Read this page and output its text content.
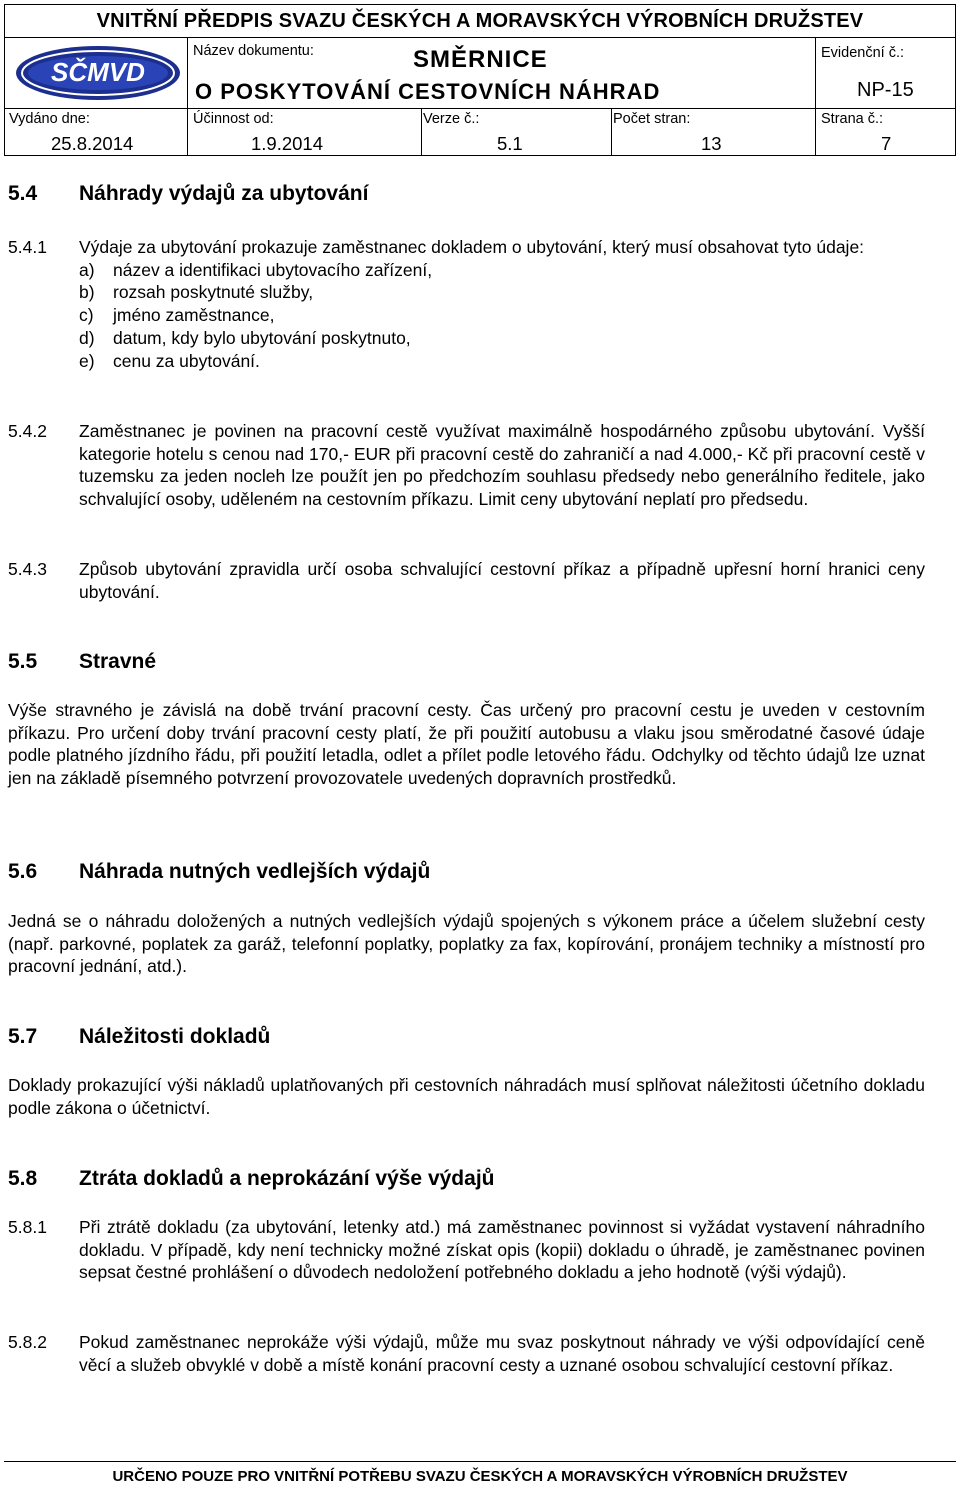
VNITŘNÍ PŘEDPIS SVAZU ČESKÝCH A MORAVSKÝCH VÝROBNÍCH DRUŽSTEV
SČMVD
Název dokumentu:	SMĚRNICE
O POSKYTOVÁNÍ CESTOVNÍCH NÁHRAD
Evidenční č.:
NP-15
Vydáno dne:
25.8.2014
Účinnost od:
1.9.2014
Verze č.:
5.1
Počet stran:
13
Strana č.:
7
5.4 Náhrady výdajů za ubytování
5.4.1 Výdaje za ubytování prokazuje zaměstnanec dokladem o ubytování, který musí obsahovat tyto údaje:
a) název a identifikaci ubytovacího zařízení,
b) rozsah poskytnuté služby,
c) jméno zaměstnance,
d) datum, kdy bylo ubytování poskytnuto,
e) cenu za ubytování.
5.4.2 Zaměstnanec je povinen na pracovní cestě využívat maximálně hospodárného způsobu ubytování. Vyšší kategorie hotelu s cenou nad 170,- EUR při pracovní cestě do zahraničí a nad 4.000,- Kč při pracovní cestě v tuzemsku za jeden nocleh lze použít jen po předchozím souhlasu předsedy nebo generálního ředitele, jako schvalující osoby, uděleném na cestovním příkazu. Limit ceny ubytování neplatí pro předsedu.
5.4.3 Způsob ubytování zpravidla určí osoba schvalující cestovní příkaz a případně upřesní horní hranici ceny ubytování.
5.5 Stravné
Výše stravného je závislá na době trvání pracovní cesty. Čas určený pro pracovní cestu je uveden v cestovním příkazu. Pro určení doby trvání pracovní cesty platí, že při použití autobusu a vlaku jsou směrodatné časové údaje podle platného jízdního řádu, při použití letadla, odlet a přílet podle letového řádu. Odchylky od těchto údajů lze uznat jen na základě písemného potvrzení provozovatele uvedených dopravních prostředků.
5.6 Náhrada nutných vedlejších výdajů
Jedná se o náhradu doložených a nutných vedlejších výdajů spojených s výkonem práce a účelem služební cesty (např. parkovné, poplatek za garáž, telefonní poplatky, poplatky za fax, kopírování, pronájem techniky a místností pro pracovní jednání, atd.).
5.7 Náležitosti dokladů
Doklady prokazující výši nákladů uplatňovaných při cestovních náhradách musí splňovat náležitosti účetního dokladu podle zákona o účetnictví.
5.8 Ztráta dokladů a neprokázání výše výdajů
5.8.1 Při ztrátě dokladu (za ubytování, letenky atd.) má zaměstnanec povinnost si vyžádat vystavení náhradního dokladu. V případě, kdy není technicky možné získat opis (kopii) dokladu o úhradě, je zaměstnanec povinen sepsat čestné prohlášení o důvodech nedoložení potřebného dokladu a jeho hodnotě (výši výdajů).
5.8.2 Pokud zaměstnanec neprokáže výši výdajů, může mu svaz poskytnout náhrady ve výši odpovídající ceně věcí a služeb obvyklé v době a místě konání pracovní cesty a uznané osobou schvalující cestovní příkaz.
URČENO POUZE PRO VNITŘNÍ POTŘEBU SVAZU ČESKÝCH A MORAVSKÝCH VÝROBNÍCH DRUŽSTEV
